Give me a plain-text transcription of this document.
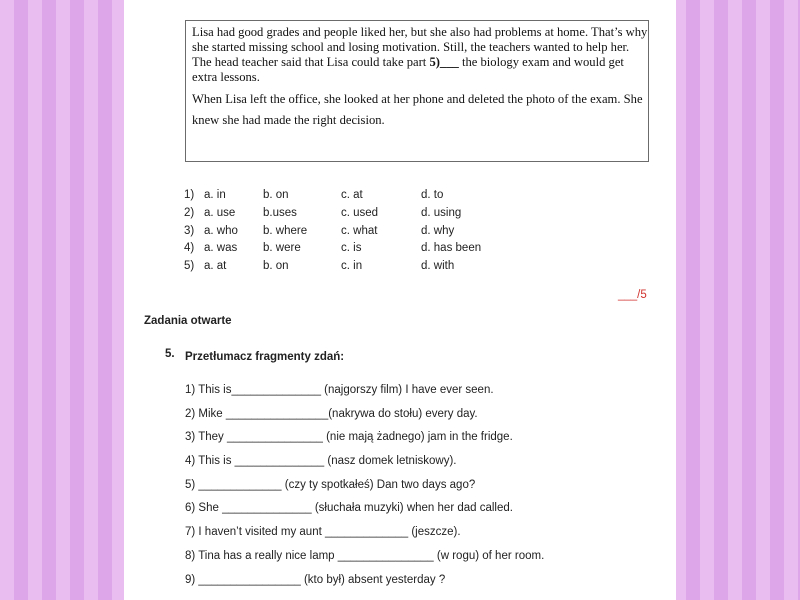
Lisa had good grades and people liked her, but she also had problems at home. That’s why she started missing school and losing motivation. Still, the teachers wanted to help her. The head teacher said that Lisa could take part 5)___ the biology exam and would get extra lessons.

When Lisa left the office, she looked at her phone and deleted the photo of the exam. She knew she had made the right decision.

1) a. in	b. on	c. at	d. to
2) a. use b.uses	c. used	d. using
3) a. who b. where	c. what	d. why
4) a. was b. were	c. is	d. has been
5) a. at	b. on	c. in	d. with
___/5
Zadania otwarte
5. Przetłumacz fragmenty zdań:
1) This is______________ (najgorszy film) I have ever seen.
2) Mike ________________(nakrywa do stołu) every day.
3) They _______________ (nie mają żadnego) jam in the fridge.
4) This is ______________ (nasz domek letniskowy).
5) _____________ (czy ty spotkałeś) Dan two days ago?
6) She ______________ (słuchała muzyki) when her dad called.
7) I haven’t visited my aunt _____________ (jeszcze).
8) Tina has a really nice lamp _______________ (w rogu) of her room.
9) ________________ (kto był) absent yesterday ?
